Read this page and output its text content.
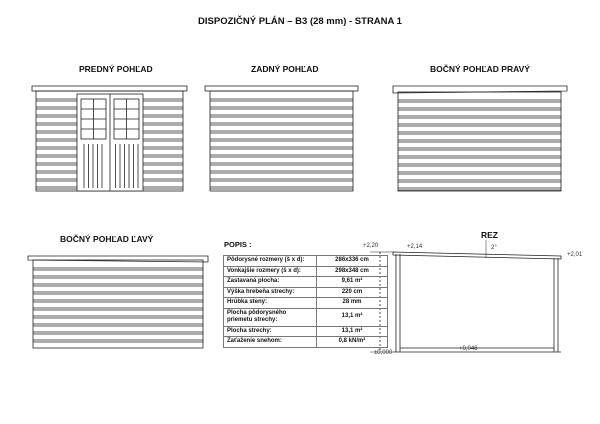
DISPOZIČNÝ PLÁN – B3 (28 mm) - STRANA 1
PREDNÝ POHĽAD	ZADNÝ POHĽAD	BOČNÝ POHĽAD PRAVÝ
BOČNÝ POHĽAD ĽAVÝ	REZ
POPIS :	+2,20	+2,14
+2,01
±0,000
+0,046
2°
Pôdorysné rozmery (š x d):	286x336 cm
Vonkajšie rozmery (š x d):	298x348 cm
Zastavaná plocha:	9,61 m²
Výška hrebeňa strechy:	220 cm
Hrúbka steny:	28 mm
Plocha pôdorysného priemetu strechy:	13,1 m²
Plocha strechy:	13,1 m²
Zaťaženie snehom:	0,8 kN/m²
